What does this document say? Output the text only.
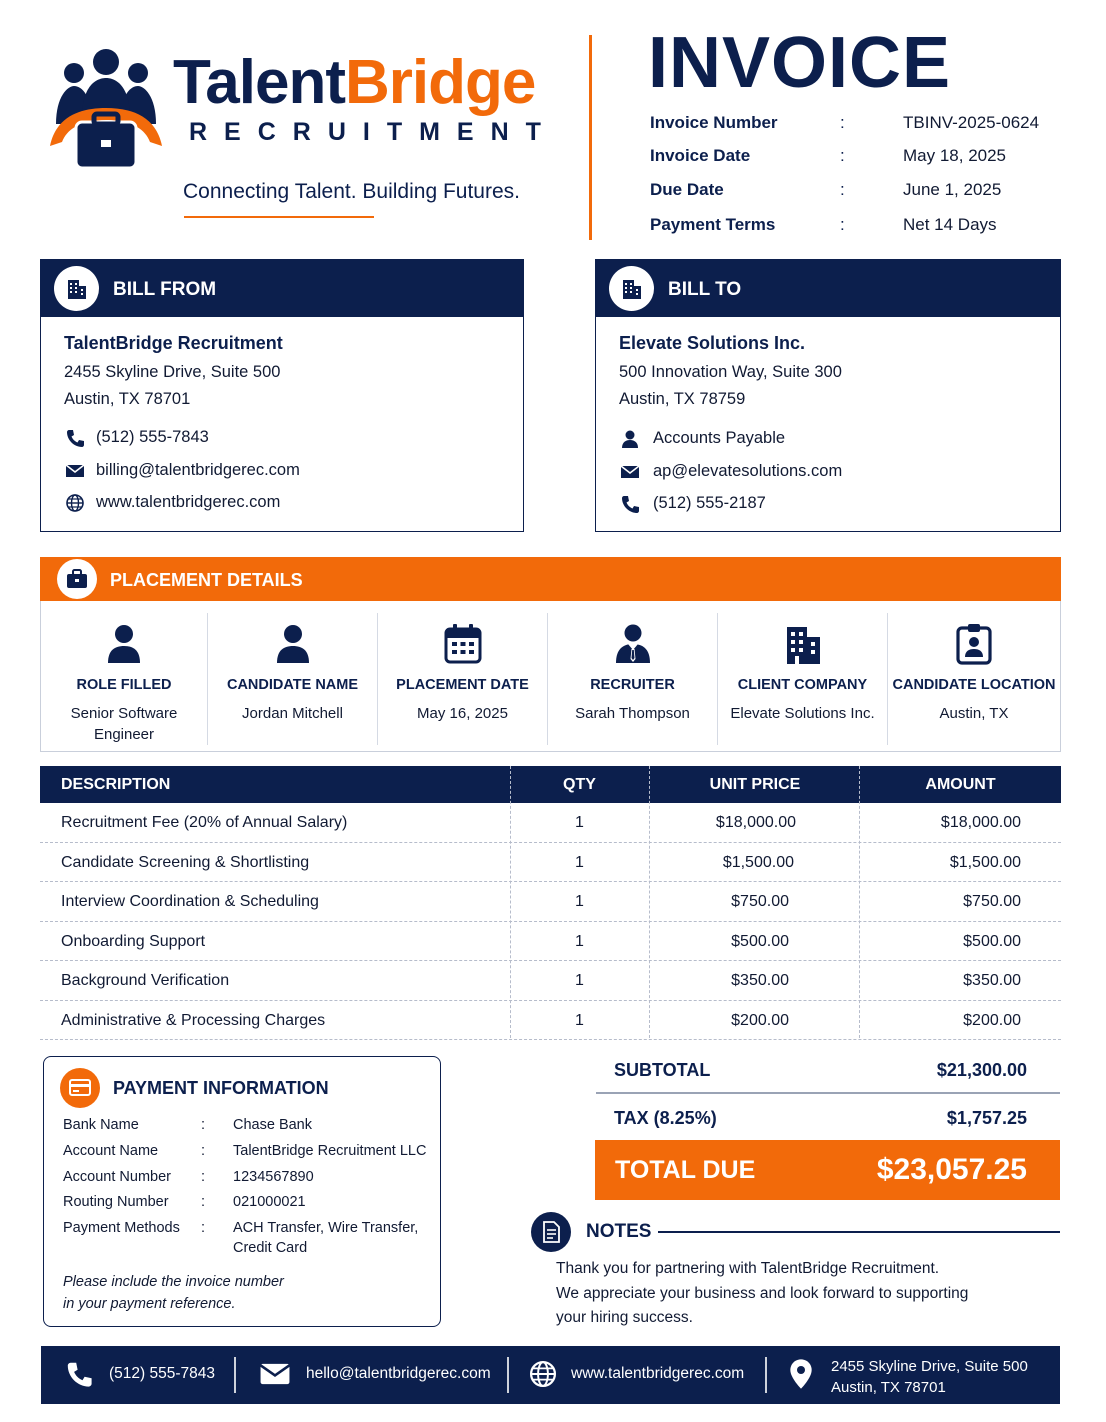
TalentBridge
RECRUITMENT
Connecting Talent. Building Futures.
INVOICE
Invoice Number	:	TBINV-2025-0624
Invoice Date	:	May 18, 2025
Due Date	:	June 1, 2025
Payment Terms	:	Net 14 Days
BILL FROM
TalentBridge Recruitment
2455 Skyline Drive, Suite 500
Austin, TX 78701
(512) 555-7843
billing@talentbridgerec.com
www.talentbridgerec.com
BILL TO
Elevate Solutions Inc.
500 Innovation Way, Suite 300
Austin, TX 78759
Accounts Payable
ap@elevatesolutions.com
(512) 555-2187
PLACEMENT DETAILS
ROLE FILLED
Senior Software
Engineer
CANDIDATE NAME
Jordan Mitchell
PLACEMENT DATE
May 16, 2025
RECRUITER
Sarah Thompson
CLIENT COMPANY
Elevate Solutions Inc.
CANDIDATE LOCATION
Austin, TX
DESCRIPTION	QTY	UNIT PRICE	AMOUNT
Recruitment Fee (20% of Annual Salary)	1	$18,000.00	$18,000.00
Candidate Screening & Shortlisting	1	$1,500.00	$1,500.00
Interview Coordination & Scheduling	1	$750.00	$750.00
Onboarding Support	1	$500.00	$500.00
Background Verification	1	$350.00	$350.00
Administrative & Processing Charges	1	$200.00	$200.00
PAYMENT INFORMATION
Bank Name	: Chase Bank
Account Name	: TalentBridge Recruitment LLC
Account Number : 1234567890
Routing Number : 021000021
Payment Methods : ACH Transfer, Wire Transfer, Credit Card
Please include the invoice number
in your payment reference.
SUBTOTAL	$21,300.00
TAX (8.25%)	$1,757.25
TOTAL DUE	$23,057.25
NOTES
Thank you for partnering with TalentBridge Recruitment.
We appreciate your business and look forward to supporting
your hiring success.
(512) 555-7843	hello@talentbridgerec.com	www.talentbridgerec.com	2455 Skyline Drive, Suite 500
Austin, TX 78701
